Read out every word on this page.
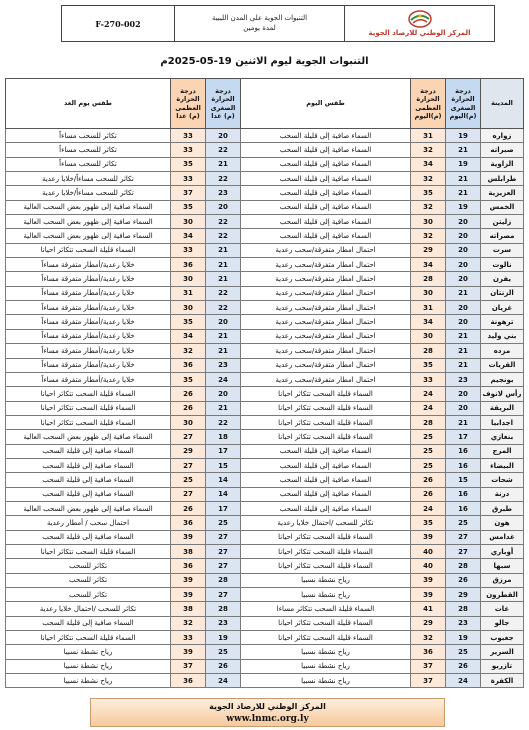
المركز الوطني للارصاد الجوية
التنبوات الجوية على المدن الليبية
لمدة يومين
F-270-002
التنبوات الجوية ليوم الاثنين 19-05-2025م
المدينة	درجة الحرارة الصغرى (م)اليوم	درجة الحرارة العظمى (م)اليوم	طقس اليوم	درجة الحرارة الصغرى (م) غدا	درجة الحرارة العظمى (م) غدا	طقس يوم الغد
زواره	19	31	السماء صافية إلى قليلة السحب	20	33	تكاثر للسحب مساءاً
صبراته	21	32	السماء صافية إلى قليلة السحب	22	33	تكاثر للسحب مساءاً
الزاوية	19	34	السماء صافية إلى قليلة السحب	21	35	تكاثر للسحب مساءاً
طرابلس	21	32	السماء صافية إلى قليلة السحب	22	33	تكاثر للسحب مساءاً/خلايا رعدية
العزيزية	21	35	السماء صافية إلى قليلة السحب	23	37	تكاثر للسحب مساءاً/خلايا رعدية
الخمس	19	32	السماء صافية إلى قليلة السحب	20	35	السماء صافية إلى ظهور بعض السحب العالية
زليتن	20	30	السماء صافية إلى قليلة السحب	22	30	السماء صافية إلى ظهور بعض السحب العالية
مصراته	20	32	السماء صافية إلى قليلة السحب	22	34	السماء صافية إلى ظهور بعض السحب العالية
سرت	20	29	احتمال امطار متفرقة/سحب رعدية	21	33	السماء قليلة السحب تتكاثر احيانا
نالوت	20	34	احتمال امطار متفرقة/سحب رعدية	21	36	خلايا رعدية/أمطار متفرقة مساءاً
يفرن	20	28	احتمال امطار متفرقة/سحب رعدية	21	30	خلايا رعدية/أمطار متفرقة مساءاً
الزنتان	21	30	احتمال امطار متفرقة/سحب رعدية	22	31	خلايا رعدية/أمطار متفرقة مساءاً
غريان	20	31	احتمال امطار متفرقة/سحب رعدية	22	30	خلايا رعدية/أمطار متفرقة مساءاً
ترهونة	20	34	احتمال امطار متفرقة/سحب رعدية	20	35	خلايا رعدية/أمطار متفرقة مساءاً
بني وليد	21	30	احتمال امطار متفرقة/سحب رعدية	21	34	خلايا رعدية/أمطار متفرقة مساءاً
مزده	21	28	احتمال امطار متفرقة/سحب رعدية	21	32	خلايا رعدية/أمطار متفرقة مساءاً
القريات	21	35	احتمال امطار متفرقة/سحب رعدية	23	36	خلايا رعدية/أمطار متفرقة مساءاً
بونجيم	23	33	احتمال امطار متفرقة/سحب رعدية	24	35	خلايا رعدية/أمطار متفرقة مساءاً
رأس لانوف	20	24	السماء قليلة السحب تتكاثر احيانا	20	26	السماء قليلة السحب تتكاثر احيانا
البريقة	20	24	السماء قليلة السحب تتكاثر احيانا	21	26	السماء قليلة السحب تتكاثر احيانا
اجدابيا	21	28	السماء قليلة السحب تتكاثر احيانا	22	30	السماء قليلة السحب تتكاثر احيانا
بنغازي	17	25	السماء قليلة السحب تتكاثر احيانا	18	27	السماء صافية إلى ظهور بعض السحب العالية
المرج	16	25	السماء صافية إلى قليلة السحب	17	29	السماء صافية إلى قليلة السحب
البيضاء	16	25	السماء صافية إلى قليلة السحب	15	27	السماء صافية إلى قليلة السحب
شحات	15	26	السماء صافية إلى قليلة السحب	14	25	السماء صافية إلى قليلة السحب
درنة	16	26	السماء صافية إلى قليلة السحب	14	27	السماء صافية إلى قليلة السحب
طبرق	16	24	السماء صافية إلى قليلة السحب	17	26	السماء صافية إلى ظهور بعض السحب العالية
هون	25	35	تكاثر للسحب /احتمال خلايا رعدية	25	36	احتمال سحب / أمطار رعدية
غدامس	27	39	السماء قليلة السحب تتكاثر احيانا	27	39	السماء صافية إلى قليلة السحب
أوباري	27	40	السماء قليلة السحب تتكاثر احيانا	27	38	السماء قليلة السحب تتكاثر احيانا
سبها	28	40	السماء قليلة السحب تتكاثر احيانا	27	36	تكاثر للسحب
مرزق	26	39	رياح نشطة نسبيا	28	39	تكاثر للسحب
القطرون	29	39	رياح نشطة نسبيا	27	39	تكاثر للسحب
غات	28	41	السماء قليلة السحب تتكاثر مساءا	28	38	تكاثر للسحب /احتمال خلايا رعدية
جالو	23	29	السماء قليلة السحب تتكاثر احيانا	23	32	السماء صافية إلى قليلة السحب
جغبوب	19	32	السماء قليلة السحب تتكاثر احيانا	19	33	السماء قليلة السحب تتكاثر احيانا
السرير	25	36	رياح نشطة نسبيا	25	39	رياح نشطة نسبيا
تازربو	26	37	رياح نشطة نسبيا	26	37	رياح نشطة نسبيا
الكفرة	24	37	رياح نشطة نسبيا	24	36	رياح نشطة نسبيا
المركز الوطني للارصاد الجوية
www.lnmc.org.ly
